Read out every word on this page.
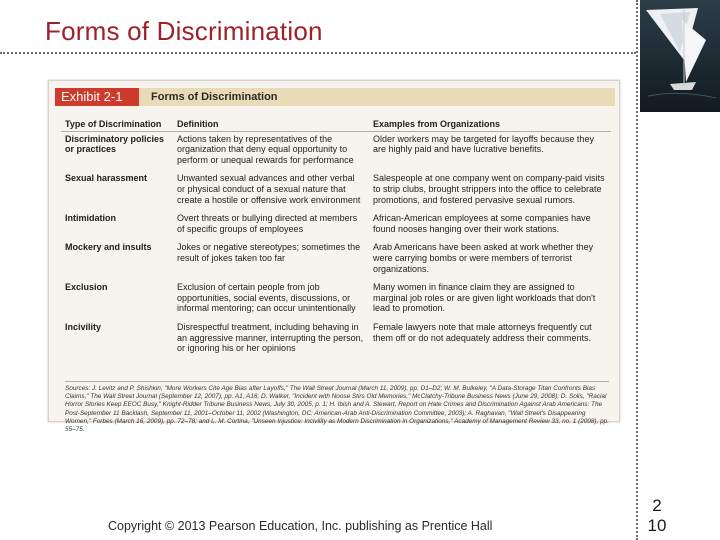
Forms of Discrimination
Exhibit 2-1	Forms of Discrimination
Type of Discrimination	Definition	Examples from Organizations
Discriminatory policies or practices	Actions taken by representatives of the organization that deny equal opportunity to perform or unequal rewards for performance	Older workers may be targeted for layoffs because they are highly paid and have lucrative benefits.
Sexual harassment	Unwanted sexual advances and other verbal or physical conduct of a sexual nature that create a hostile or offensive work environment	Salespeople at one company went on company-paid visits to strip clubs, brought strippers into the office to celebrate promotions, and fostered pervasive sexual rumors.
Intimidation	Overt threats or bullying directed at members of specific groups of employees	African-American employees at some companies have found nooses hanging over their work stations.
Mockery and insults	Jokes or negative stereotypes; sometimes the result of jokes taken too far	Arab Americans have been asked at work whether they were carrying bombs or were members of terrorist organizations.
Exclusion	Exclusion of certain people from job opportunities, social events, discussions, or informal mentoring; can occur unintentionally	Many women in finance claim they are assigned to marginal job roles or are given light workloads that don't lead to promotion.
Incivility	Disrespectful treatment, including behaving in an aggressive manner, interrupting the person, or ignoring his or her opinions	Female lawyers note that male attorneys frequently cut them off or do not adequately address their comments.
Sources: J. Levitz and P. Shishkin, "More Workers Cite Age Bias after Layoffs," The Wall Street Journal (March 11, 2009), pp. D1–D2; W. M. Bulkeley, "A Data-Storage Titan Confronts Bias Claims," The Wall Street Journal (September 12, 2007), pp. A1, A16; D. Walker, "Incident with Noose Stirs Old Memories," McClatchy-Tribune Business News (June 29, 2008); D. Solis, "Racial Horror Stories Keep EEOC Busy," Knight-Ridder Tribune Business News, July 30, 2005, p. 1; H. Ibish and A. Stewart, Report on Hate Crimes and Discrimination Against Arab Americans: The Post-September 11 Backlash, September 11, 2001–October 11, 2002 (Washington, DC: American-Arab Anti-Discrimination Committee, 2003); A. Raghavan, "Wall Street's Disappearing Women," Forbes (March 16, 2009), pp. 72–78; and L. M. Cortina, "Unseen Injustice: Incivility as Modern Discrimination in Organizations," Academy of Management Review 33, no. 1 (2008), pp. 55–75.
Copyright © 2013 Pearson Education, Inc. publishing as Prentice Hall
2
10
